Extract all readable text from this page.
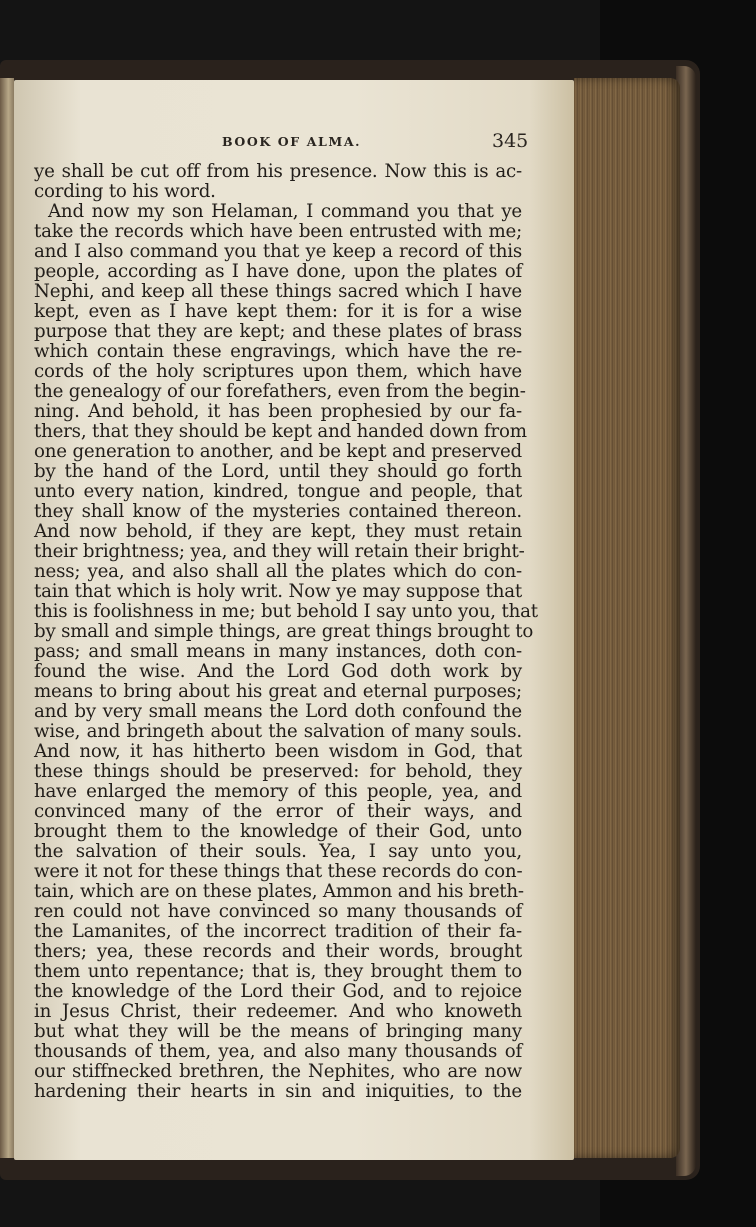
BOOK OF ALMA.	345
ye shall be cut off from his presence. Now this is ac-
cording to his word.
And now my son Helaman, I command you that ye
take the records which have been entrusted with me;
and I also command you that ye keep a record of this
people, according as I have done, upon the plates of
Nephi, and keep all these things sacred which I have
kept, even as I have kept them: for it is for a wise
purpose that they are kept; and these plates of brass
which contain these engravings, which have the re-
cords of the holy scriptures upon them, which have
the genealogy of our forefathers, even from the begin-
ning. And behold, it has been prophesied by our fa-
thers, that they should be kept and handed down from
one generation to another, and be kept and preserved
by the hand of the Lord, until they should go forth
unto every nation, kindred, tongue and people, that
they shall know of the mysteries contained thereon.
And now behold, if they are kept, they must retain
their brightness; yea, and they will retain their bright-
ness; yea, and also shall all the plates which do con-
tain that which is holy writ. Now ye may suppose that
this is foolishness in me; but behold I say unto you, that
by small and simple things, are great things brought to
pass; and small means in many instances, doth con-
found the wise. And the Lord God doth work by
means to bring about his great and eternal purposes;
and by very small means the Lord doth confound the
wise, and bringeth about the salvation of many souls.
And now, it has hitherto been wisdom in God, that
these things should be preserved: for behold, they
have enlarged the memory of this people, yea, and
convinced many of the error of their ways, and
brought them to the knowledge of their God, unto
the salvation of their souls. Yea, I say unto you,
were it not for these things that these records do con-
tain, which are on these plates, Ammon and his breth-
ren could not have convinced so many thousands of
the Lamanites, of the incorrect tradition of their fa-
thers; yea, these records and their words, brought
them unto repentance; that is, they brought them to
the knowledge of the Lord their God, and to rejoice
in Jesus Christ, their redeemer. And who knoweth
but what they will be the means of bringing many
thousands of them, yea, and also many thousands of
our stiffnecked brethren, the Nephites, who are now
hardening their hearts in sin and iniquities, to the
